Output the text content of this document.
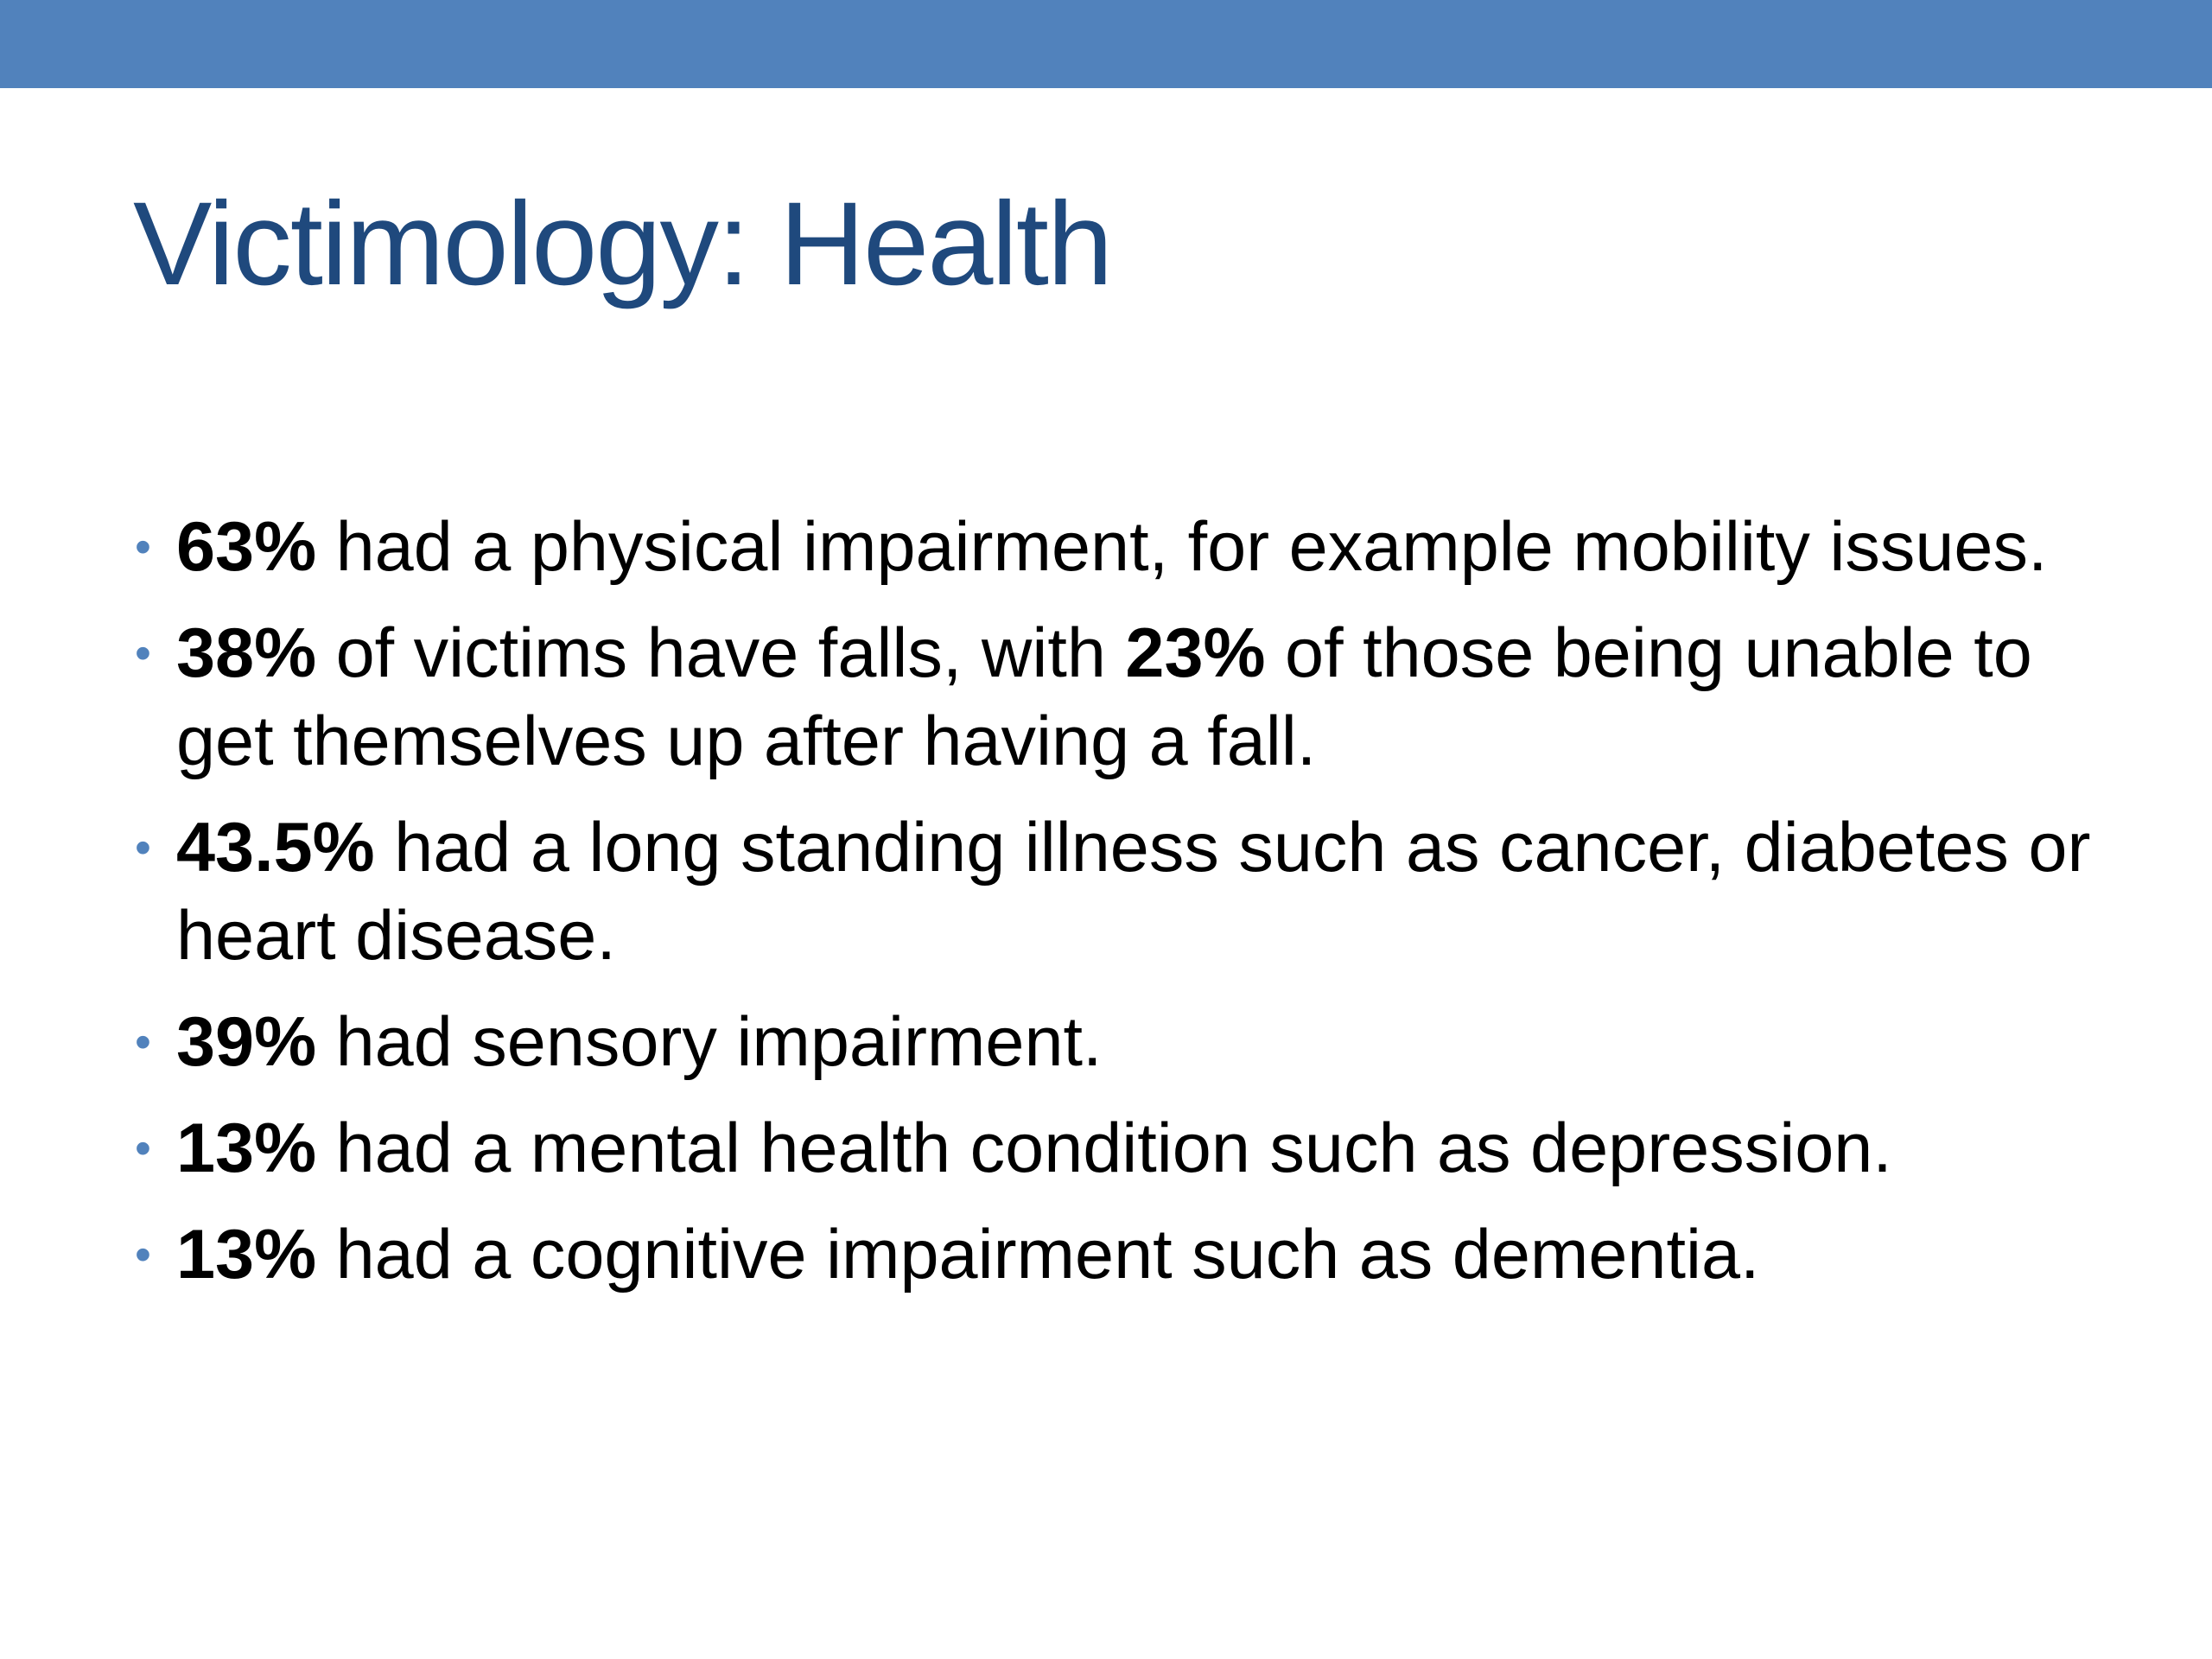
Victimology: Health
• 63% had a physical impairment, for example mobility issues.
• 38% of victims have falls, with 23% of those being unable to get themselves up after having a fall.
• 43.5% had a long standing illness such as cancer, diabetes or heart disease.
• 39% had sensory impairment.
• 13% had a mental health condition such as depression.
• 13% had a cognitive impairment such as dementia.
